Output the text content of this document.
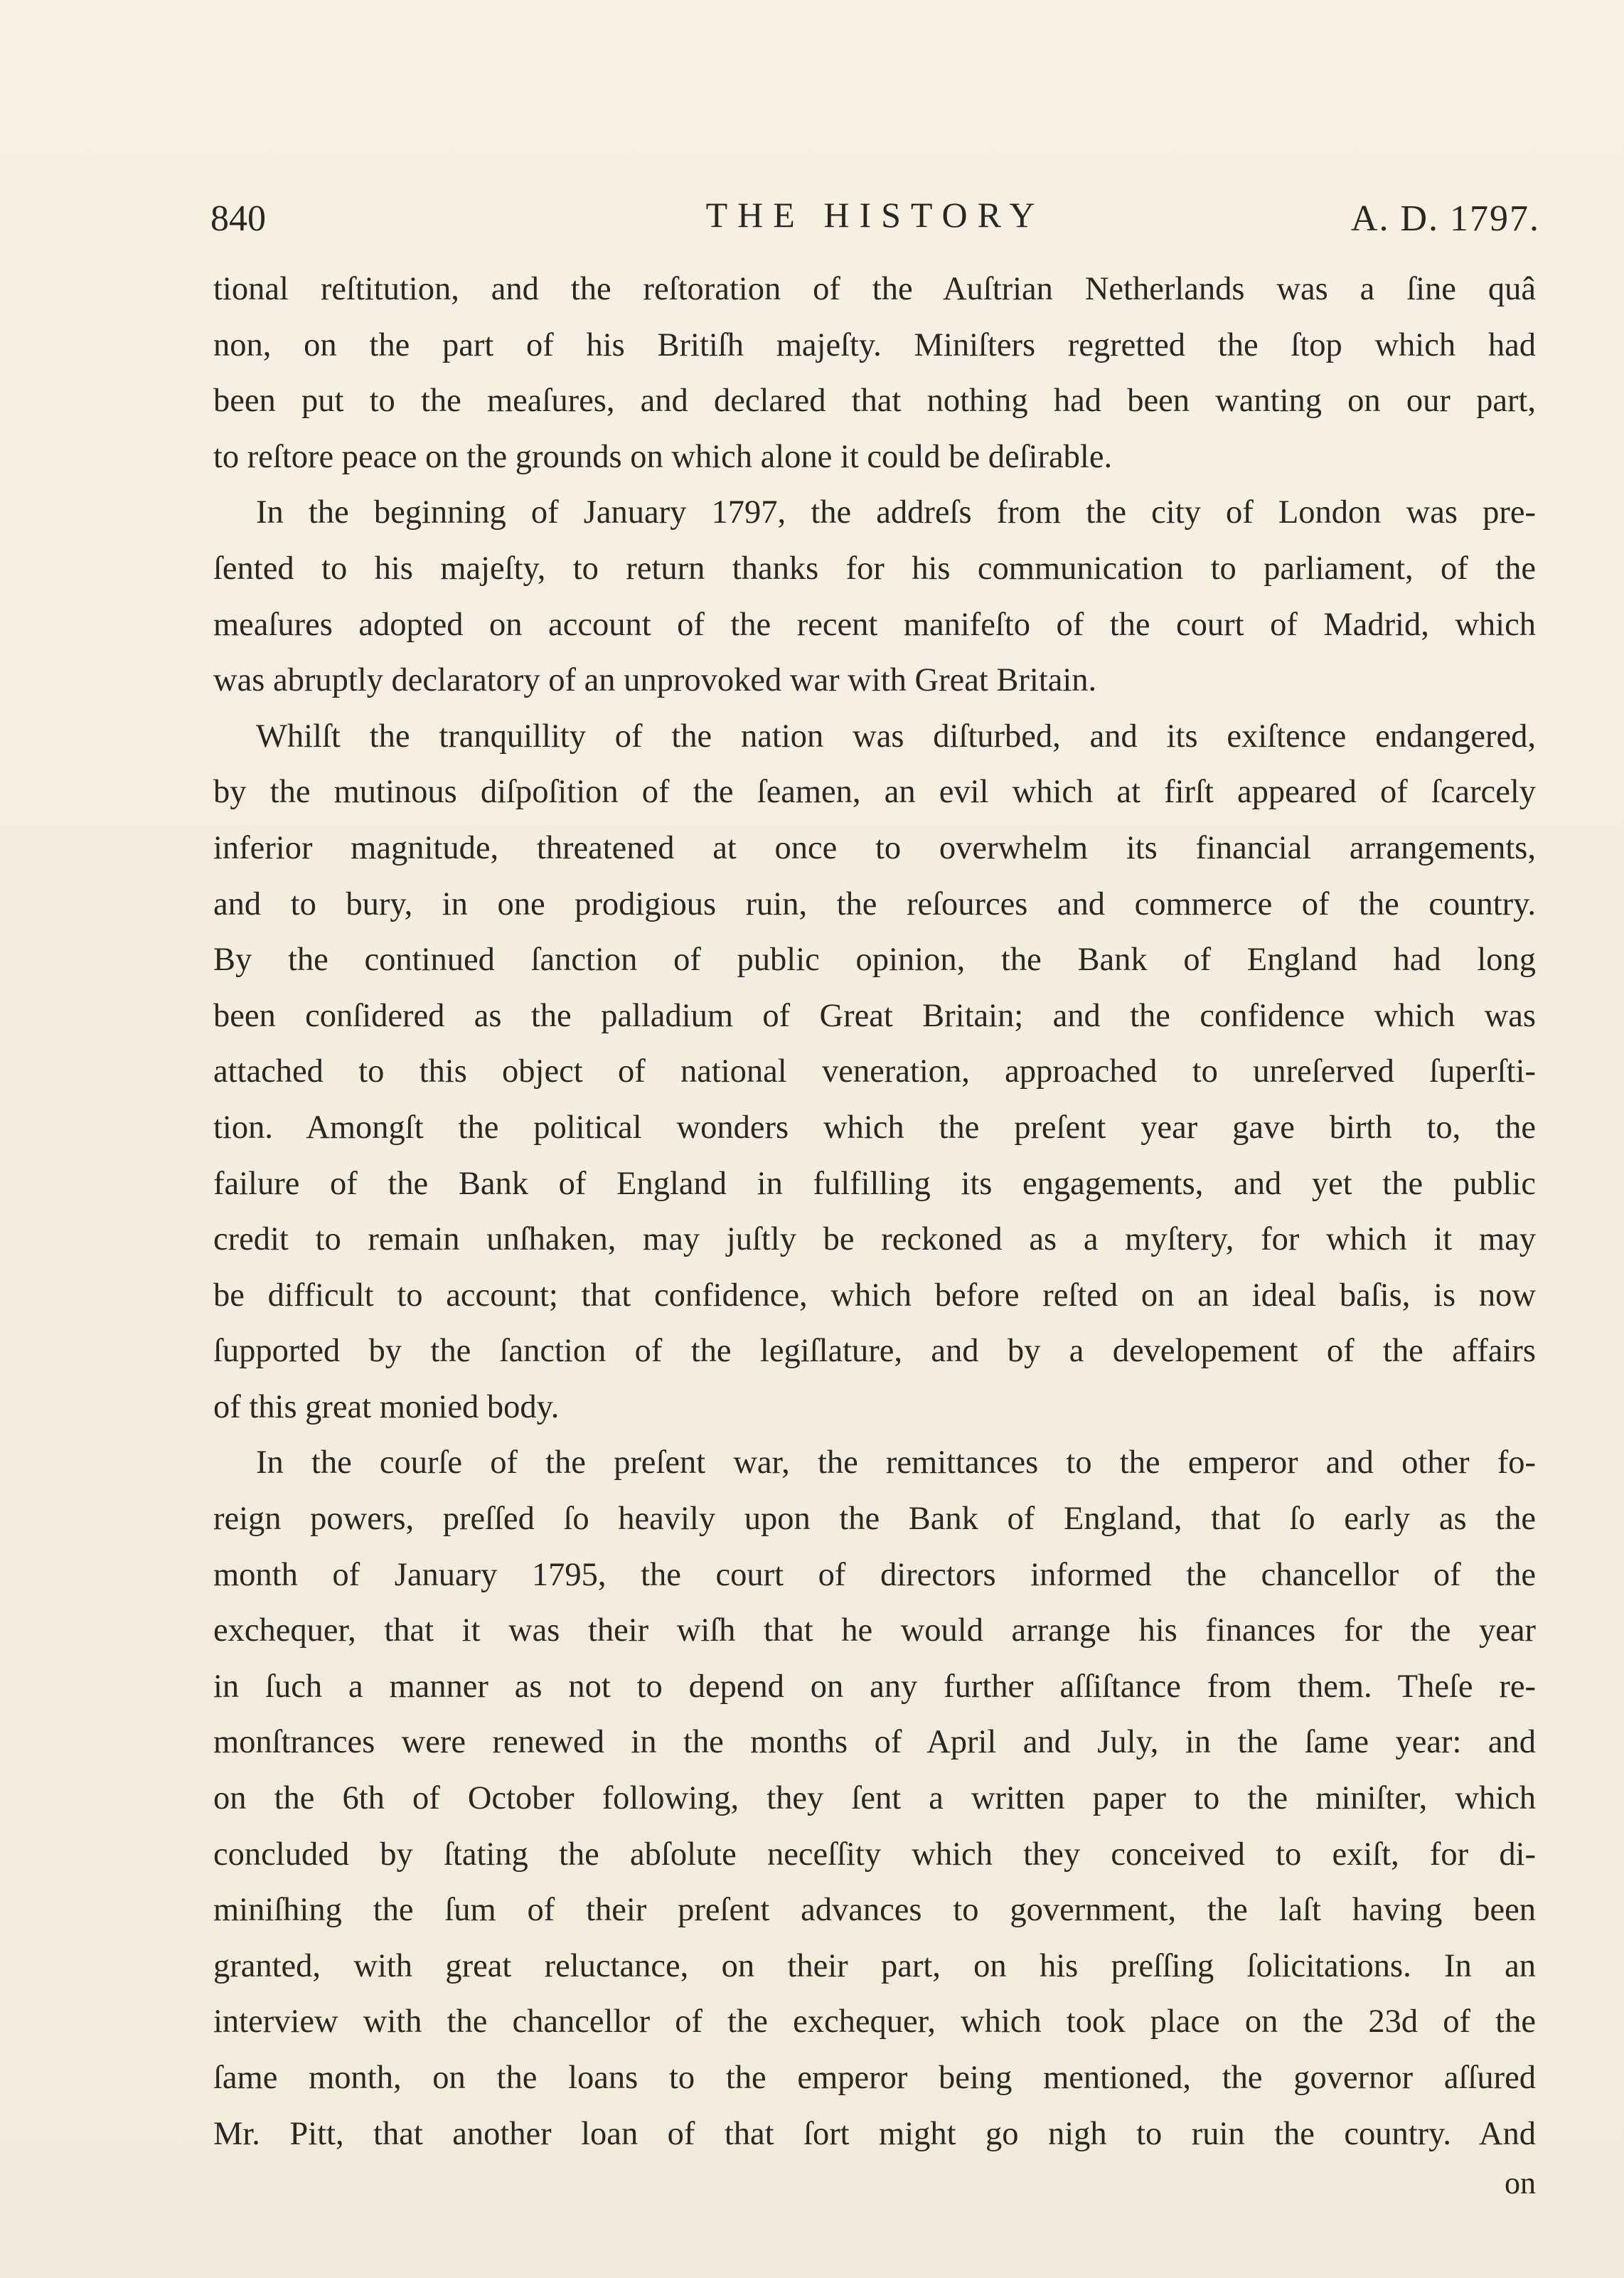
840	THE HISTORY	A. D. 1797.
tional reſtitution, and the reſtoration of the Auſtrian Netherlands was a ſine quâ
non, on the part of his Britiſh majeſty. Miniſters regretted the ſtop which had
been put to the meaſures, and declared that nothing had been wanting on our part,
to reſtore peace on the grounds on which alone it could be deſirable.
In the beginning of January 1797, the addreſs from the city of London was pre-
ſented to his majeſty, to return thanks for his communication to parliament, of the
meaſures adopted on account of the recent manifeſto of the court of Madrid, which
was abruptly declaratory of an unprovoked war with Great Britain.
Whilſt the tranquillity of the nation was diſturbed, and its exiſtence endangered,
by the mutinous diſpoſition of the ſeamen, an evil which at firſt appeared of ſcarcely
inferior magnitude, threatened at once to overwhelm its financial arrangements,
and to bury, in one prodigious ruin, the reſources and commerce of the country.
By the continued ſanction of public opinion, the Bank of England had long
been conſidered as the palladium of Great Britain; and the confidence which was
attached to this object of national veneration, approached to unreſerved ſuperſti-
tion. Amongſt the political wonders which the preſent year gave birth to, the
failure of the Bank of England in fulfilling its engagements, and yet the public
credit to remain unſhaken, may juſtly be reckoned as a myſtery, for which it may
be difficult to account; that confidence, which before reſted on an ideal baſis, is now
ſupported by the ſanction of the legiſlature, and by a developement of the affairs
of this great monied body.
In the courſe of the preſent war, the remittances to the emperor and other fo-
reign powers, preſſed ſo heavily upon the Bank of England, that ſo early as the
month of January 1795, the court of directors informed the chancellor of the
exchequer, that it was their wiſh that he would arrange his finances for the year
in ſuch a manner as not to depend on any further aſſiſtance from them. Theſe re-
monſtrances were renewed in the months of April and July, in the ſame year: and
on the 6th of October following, they ſent a written paper to the miniſter, which
concluded by ſtating the abſolute neceſſity which they conceived to exiſt, for di-
miniſhing the ſum of their preſent advances to government, the laſt having been
granted, with great reluctance, on their part, on his preſſing ſolicitations. In an
interview with the chancellor of the exchequer, which took place on the 23d of the
ſame month, on the loans to the emperor being mentioned, the governor aſſured
Mr. Pitt, that another loan of that ſort might go nigh to ruin the country. And
on
